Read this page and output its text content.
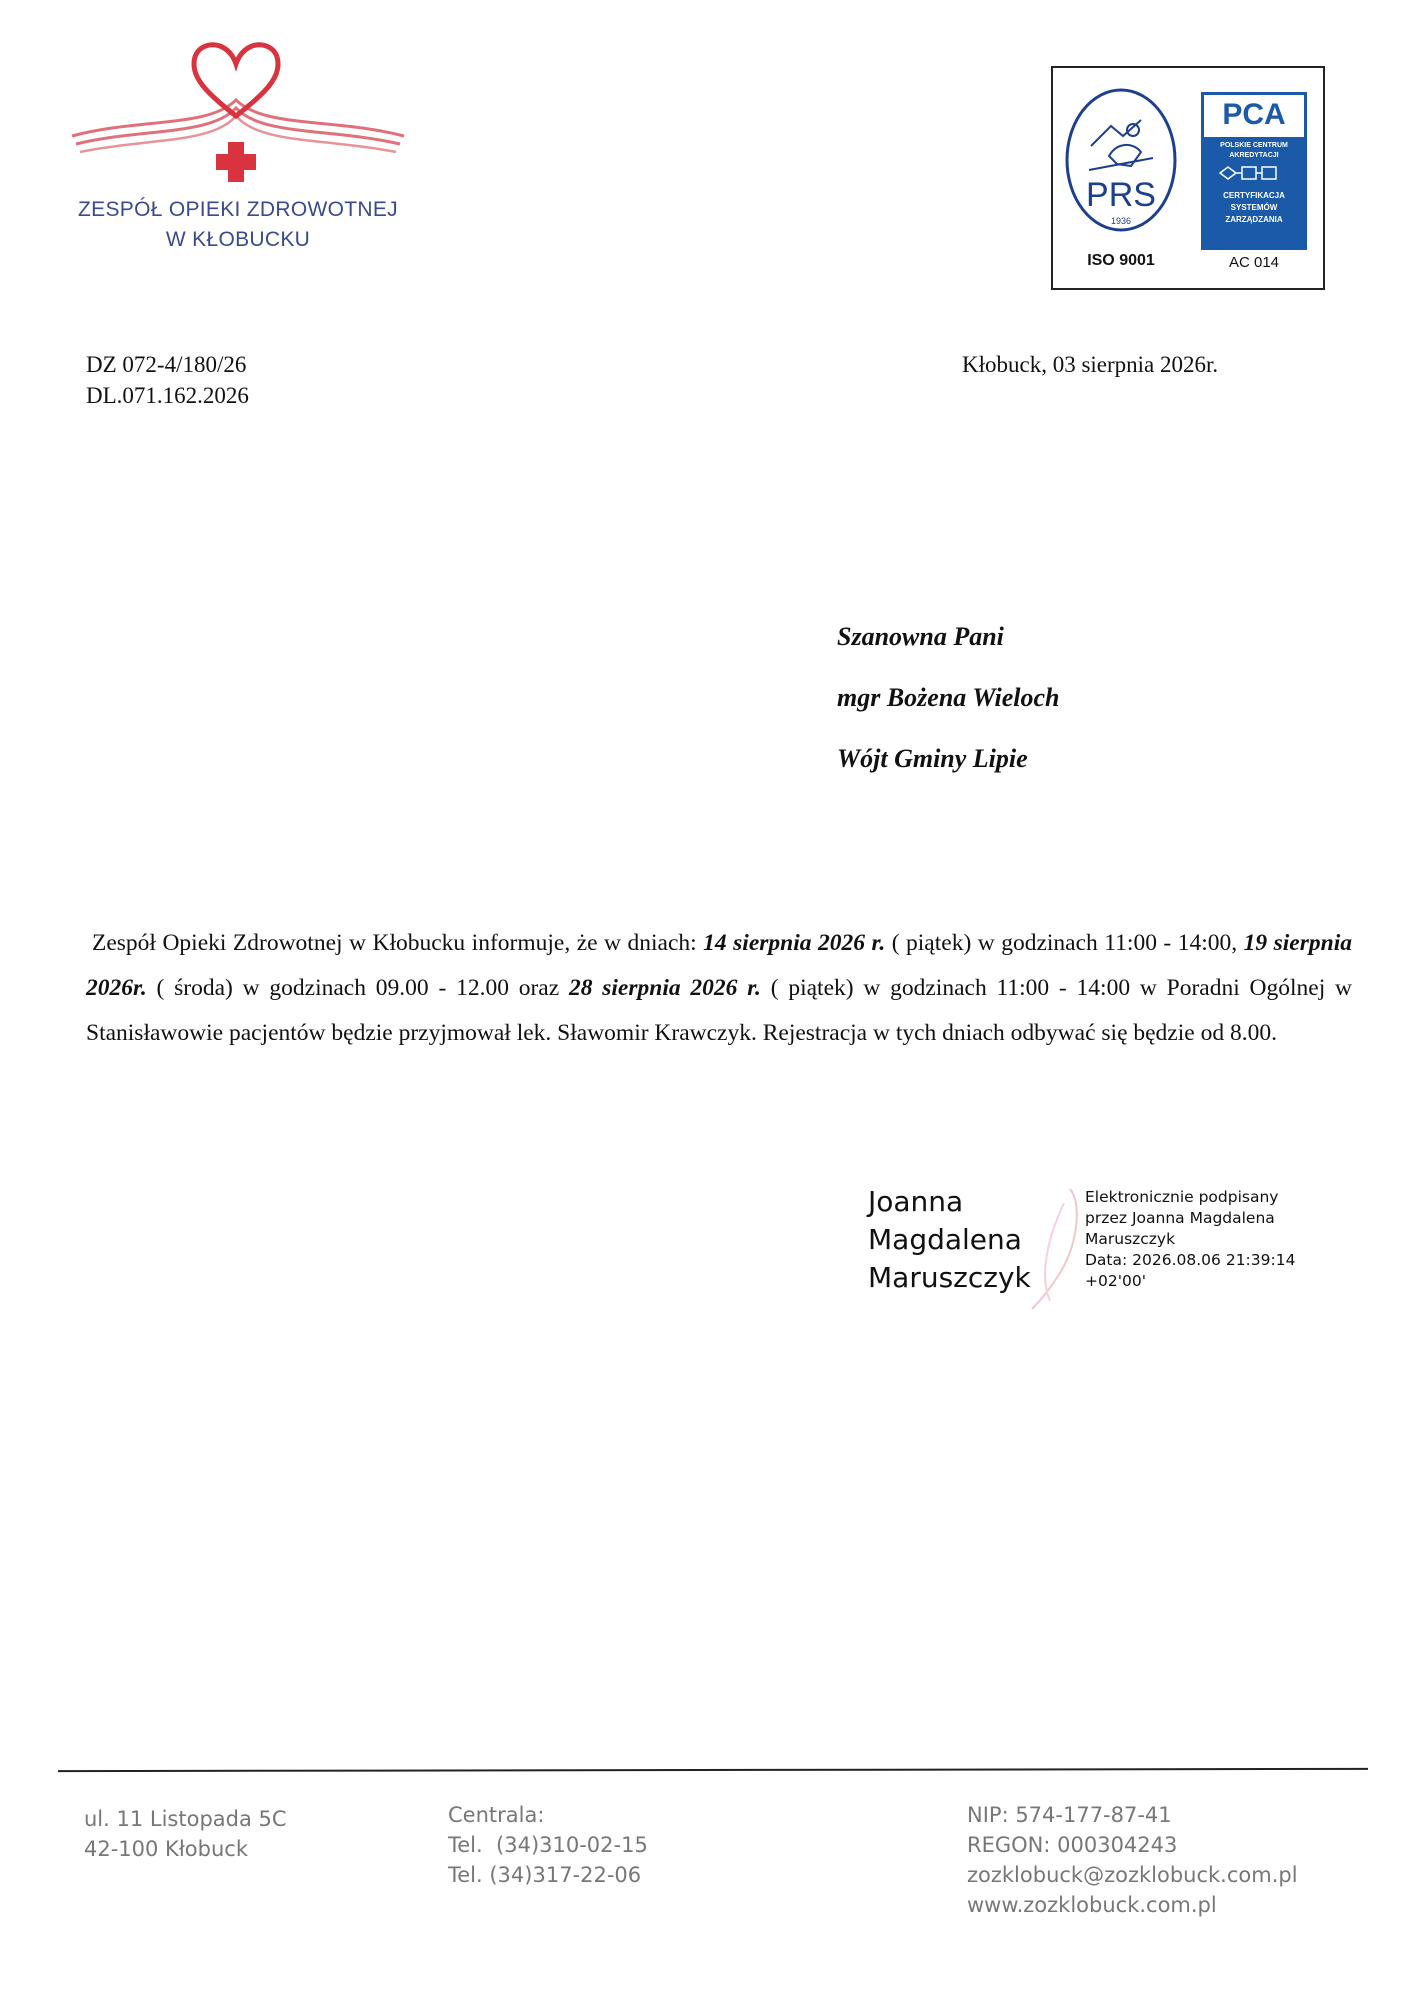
ZESPÓŁ OPIEKI ZDROWOTNEJ
W KŁOBUCKU
PRS
1936
ISO 9001
PCA
POLSKIE CENTRUM
AKREDYTACJI
CERTYFIKACJA
SYSTEMÓW
ZARZĄDZANIA
AC 014
DZ 072-4/180/26
DL.071.162.2026
Kłobuck, 03 sierpnia 2026r.
Szanowna Pani
mgr Bożena Wieloch
Wójt Gminy Lipie
Zespół Opieki Zdrowotnej w Kłobucku informuje, że w dniach: 14 sierpnia 2026 r. ( piątek) w godzinach 11:00 - 14:00, 19 sierpnia 2026r. ( środa) w godzinach 09.00 - 12.00 oraz 28 sierpnia 2026 r. ( piątek) w godzinach 11:00 - 14:00 w Poradni Ogólnej w Stanisławowie pacjentów będzie przyjmował lek. Sławomir Krawczyk. Rejestracja w tych dniach odbywać się będzie od 8.00.
Joanna
Magdalena
Maruszczyk
Elektronicznie podpisany
przez Joanna Magdalena
Maruszczyk
Data: 2026.08.06 21:39:14
+02'00'
ul. 11 Listopada 5C
42-100 Kłobuck
Centrala:
Tel.  (34)310-02-15
Tel. (34)317-22-06
NIP: 574-177-87-41
REGON: 000304243
zozklobuck@zozklobuck.com.pl
www.zozklobuck.com.pl
